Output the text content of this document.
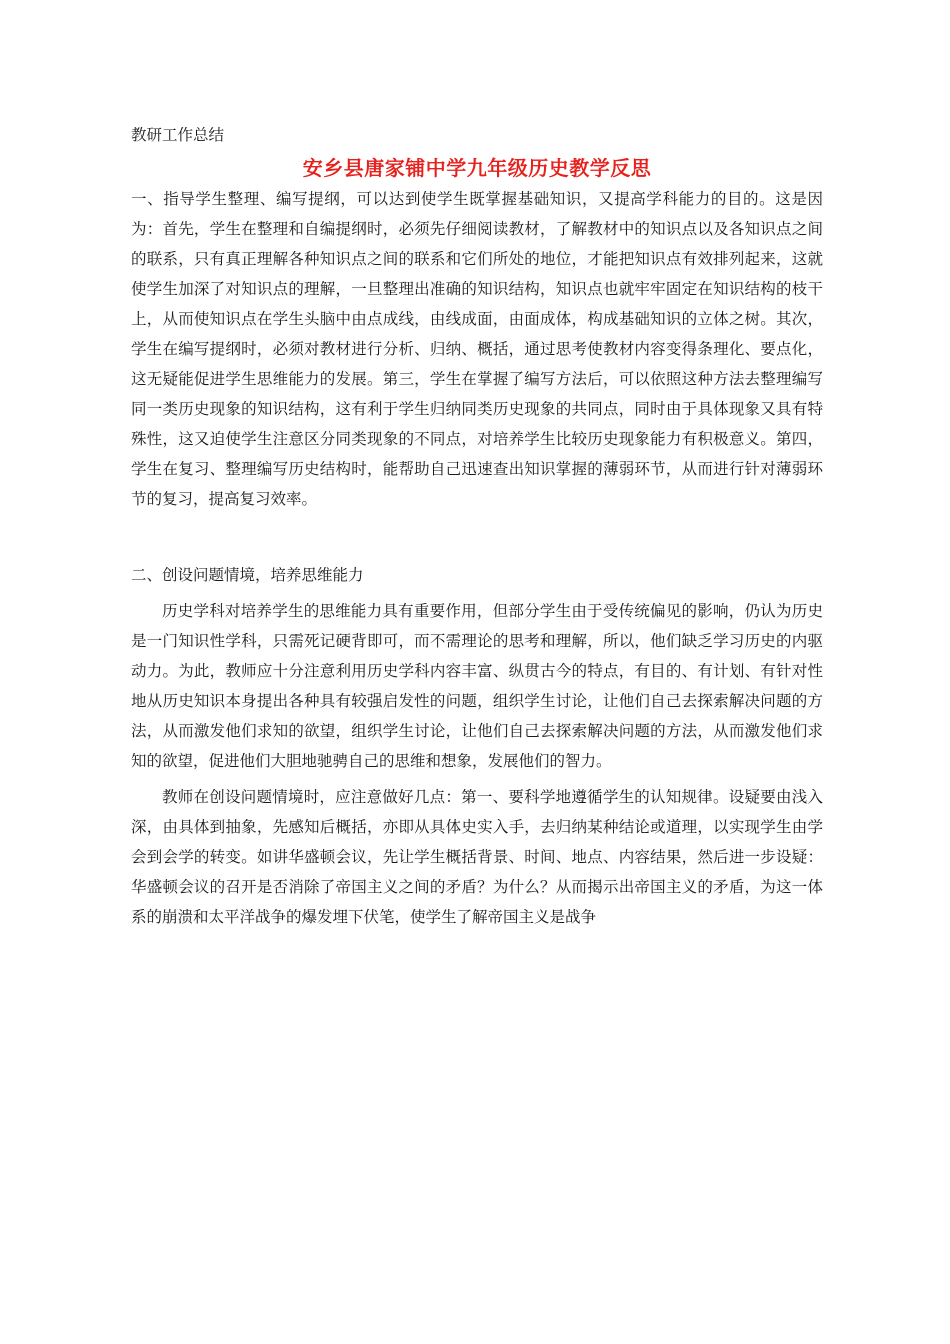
教研工作总结

安乡县唐家铺中学九年级历史教学反思

一、指导学生整理、编写提纲，可以达到使学生既掌握基础知识，又提高学科能力的目的。这是因为：首先，学生在整理和自编提纲时，必须先仔细阅读教材，了解教材中的知识点以及各知识点之间的联系，只有真正理解各种知识点之间的联系和它们所处的地位，才能把知识点有效排列起来，这就使学生加深了对知识点的理解，一旦整理出准确的知识结构，知识点也就牢牢固定在知识结构的枝干上，从而使知识点在学生头脑中由点成线，由线成面，由面成体，构成基础知识的立体之树。其次，学生在编写提纲时，必须对教材进行分析、归纳、概括，通过思考使教材内容变得条理化、要点化，这无疑能促进学生思维能力的发展。第三，学生在掌握了编写方法后，可以依照这种方法去整理编写同一类历史现象的知识结构，这有利于学生归纳同类历史现象的共同点，同时由于具体现象又具有特殊性，这又迫使学生注意区分同类现象的不同点，对培养学生比较历史现象能力有积极意义。第四，学生在复习、整理编写历史结构时，能帮助自己迅速查出知识掌握的薄弱环节，从而进行针对薄弱环节的复习，提高复习效率。

二、创设问题情境，培养思维能力

历史学科对培养学生的思维能力具有重要作用，但部分学生由于受传统偏见的影响，仍认为历史是一门知识性学科，只需死记硬背即可，而不需理论的思考和理解，所以，他们缺乏学习历史的内驱动力。为此，教师应十分注意利用历史学科内容丰富、纵贯古今的特点，有目的、有计划、有针对性地从历史知识本身提出各种具有较强启发性的问题，组织学生讨论，让他们自己去探索解决问题的方法，从而激发他们求知的欲望，组织学生讨论，让他们自己去探索解决问题的方法，从而激发他们求知的欲望，促进他们大胆地驰骋自己的思维和想象，发展他们的智力。

教师在创设问题情境时，应注意做好几点：第一、要科学地遵循学生的认知规律。设疑要由浅入深，由具体到抽象，先感知后概括，亦即从具体史实入手，去归纳某种结论或道理，以实现学生由学会到会学的转变。如讲华盛顿会议，先让学生概括背景、时间、地点、内容结果，然后进一步设疑：华盛顿会议的召开是否消除了帝国主义之间的矛盾？为什么？从而揭示出帝国主义的矛盾，为这一体系的崩溃和太平洋战争的爆发埋下伏笔，使学生了解帝国主义是战争
